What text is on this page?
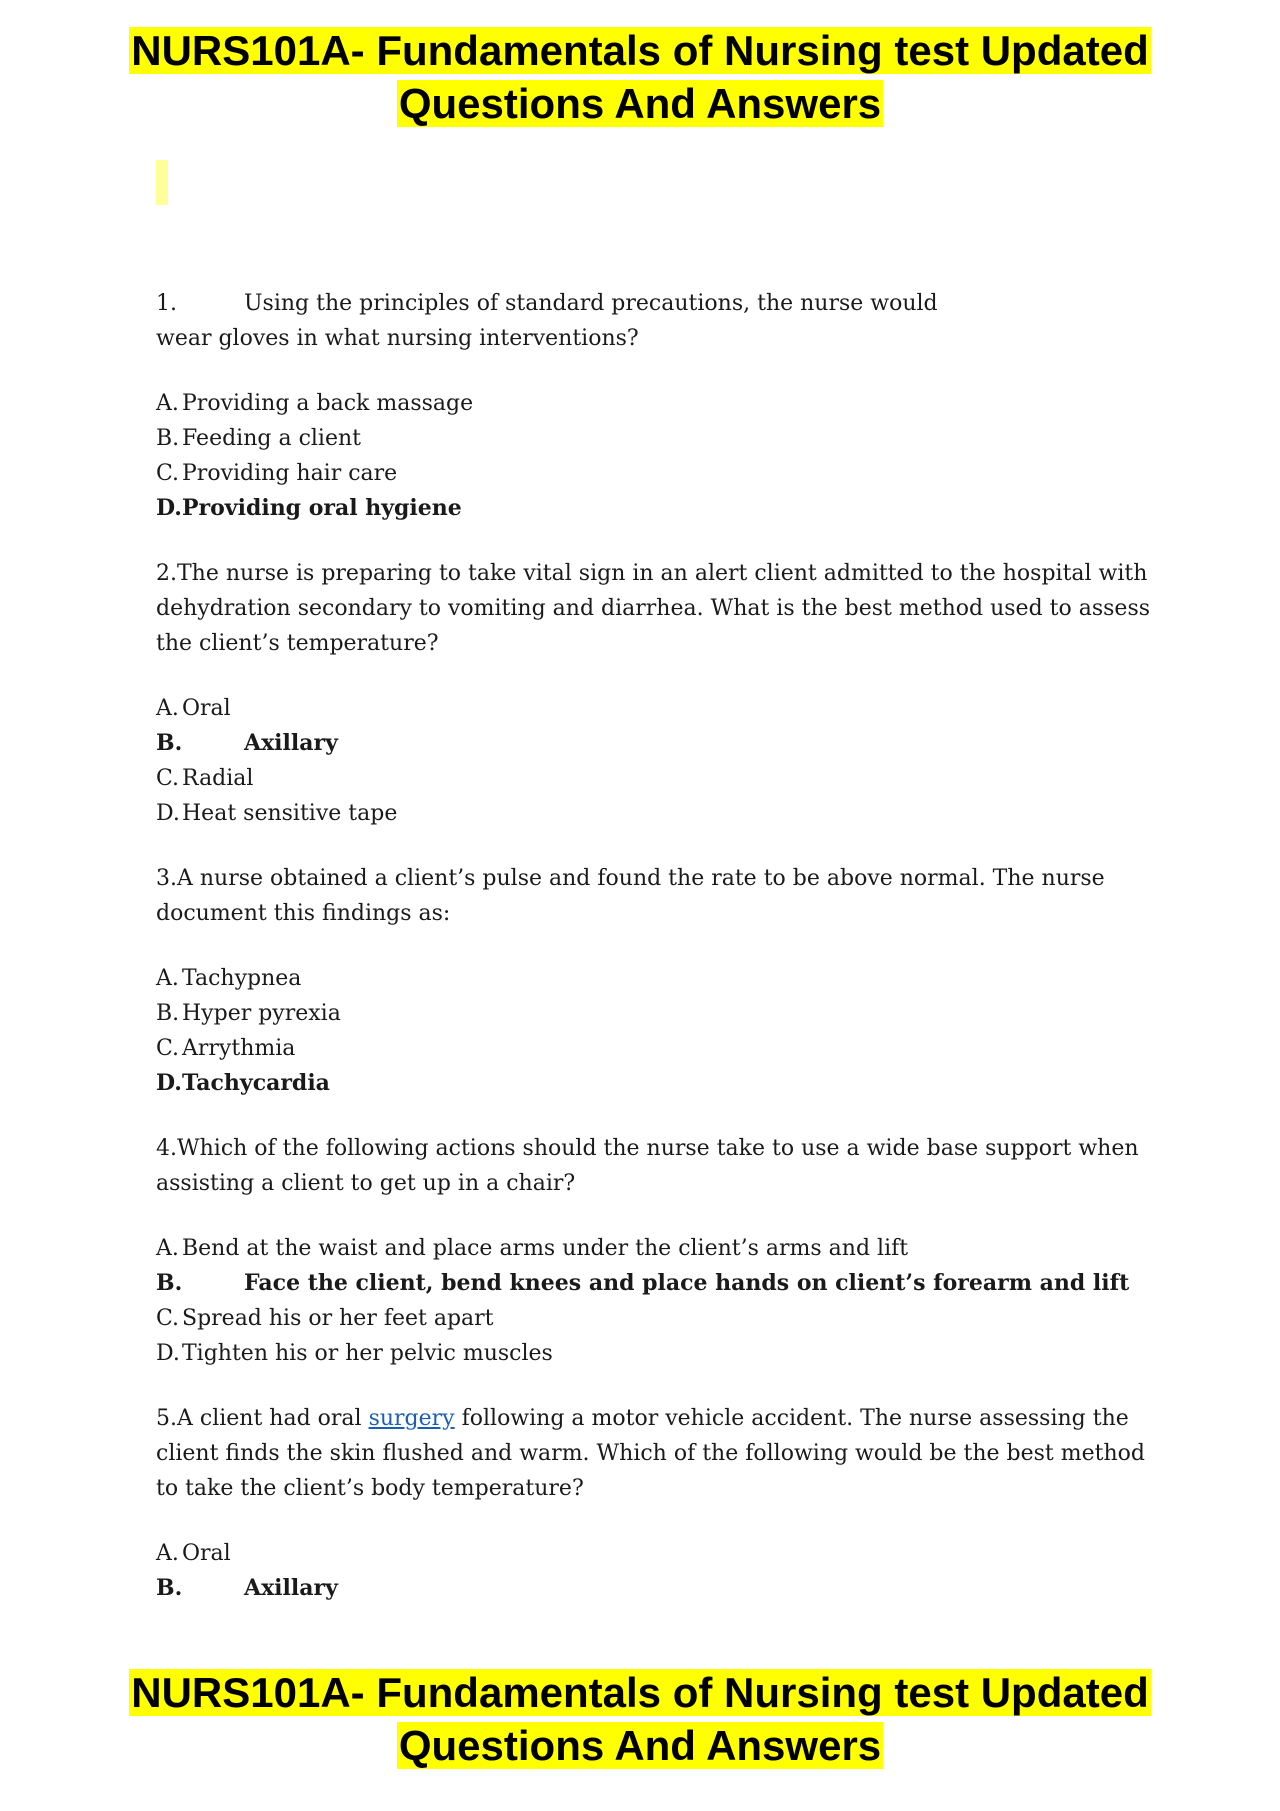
NURS101A- Fundamentals of Nursing test Updated
Questions And Answers

1.	Using the principles of standard precautions, the nurse would

wear gloves in what nursing interventions?

A. Providing a back massage
B. Feeding a client
C. Providing hair care
D.Providing oral hygiene

2.The nurse is preparing to take vital sign in an alert client admitted to the hospital with dehydration secondary to vomiting and diarrhea. What is the best method used to assess the client’s temperature?

A. Oral
B.	Axillary
C. Radial
D.Heat sensitive tape

3.A nurse obtained a client’s pulse and found the rate to be above normal. The nurse document this findings as:

A. Tachypnea
B. Hyper pyrexia
C. Arrythmia
D.Tachycardia

4.Which of the following actions should the nurse take to use a wide base support when assisting a client to get up in a chair?

A. Bend at the waist and place arms under the client’s arms and lift
B.	Face the client, bend knees and place hands on client’s forearm and lift
C. Spread his or her feet apart
D.Tighten his or her pelvic muscles

5.A client had oral surgery following a motor vehicle accident. The nurse assessing the client finds the skin flushed and warm. Which of the following would be the best method to take the client’s body temperature?

A. Oral
B.	Axillary
NURS101A- Fundamentals of Nursing test Updated
Questions And Answers
